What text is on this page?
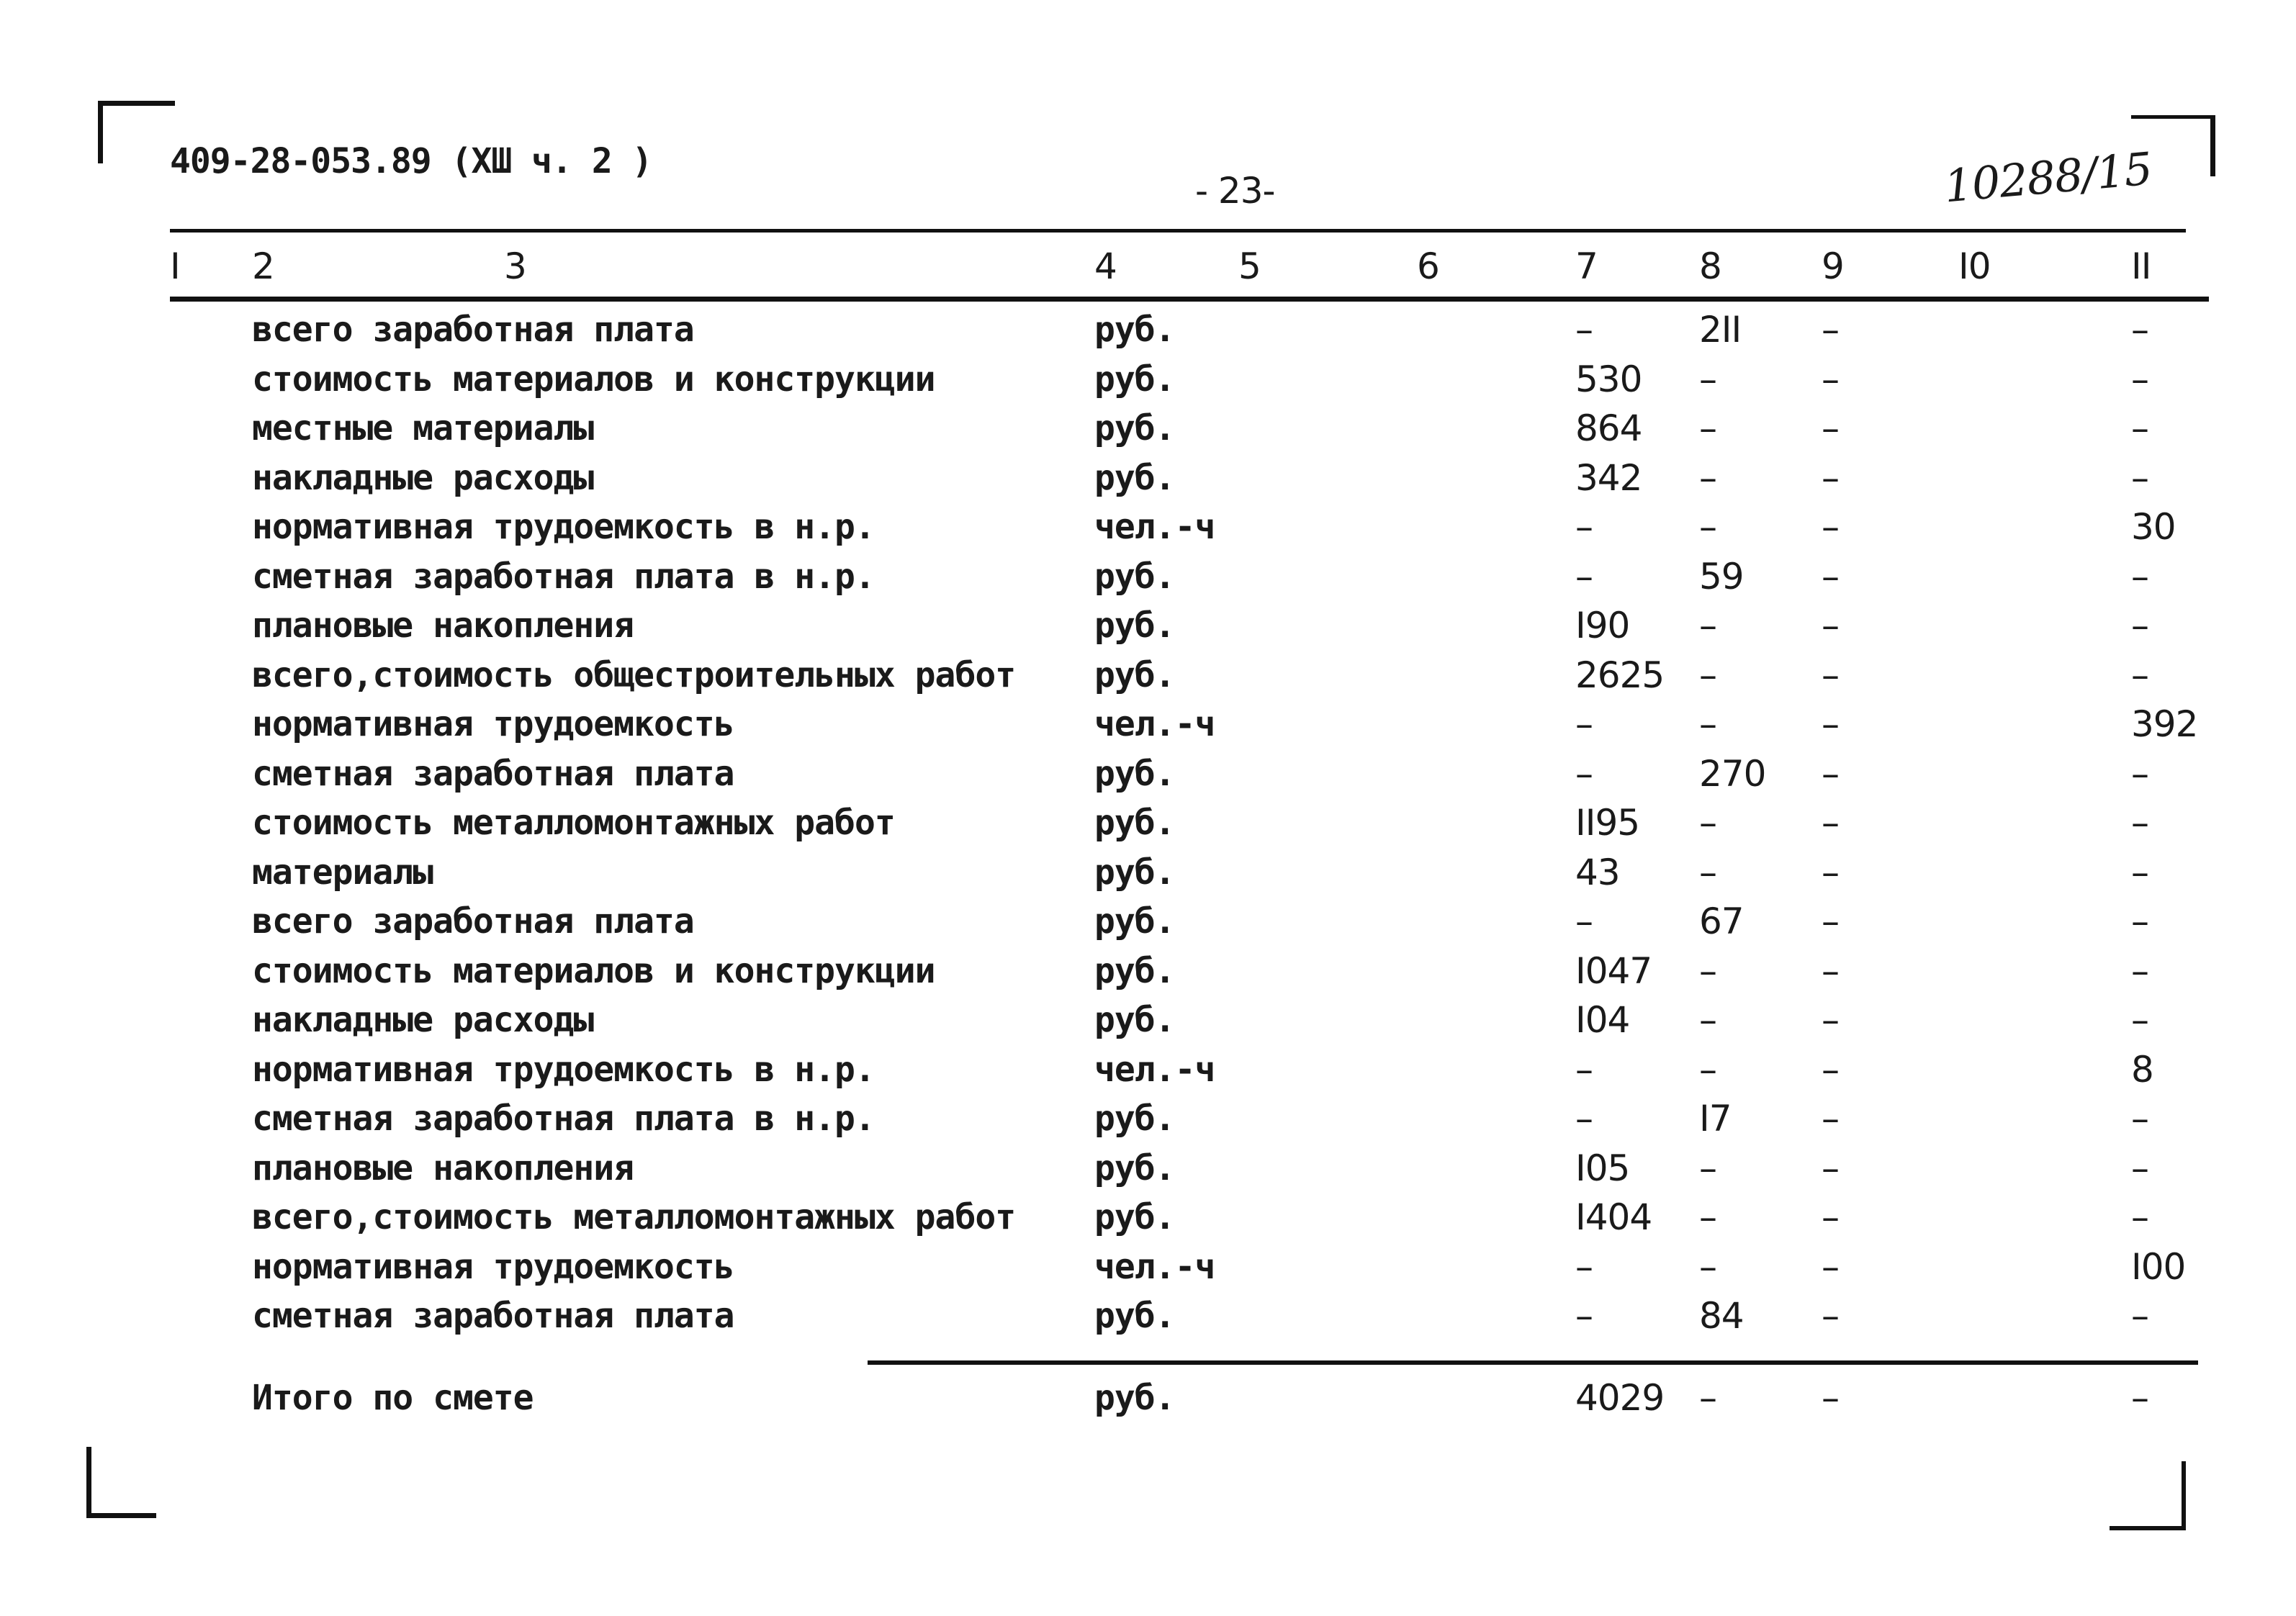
409-28-053.89 (ХШ ч. 2 )
- 23-	10288/15
I 2	3	4	5	6	7	8	9	I0	II
всего заработная плата	руб.	–	2II –	–
стоимость материалов и конструкции	руб.	530 –	–	–
местные материалы	руб.	864 –	–	–
накладные расходы	руб.	342 –	–	–
нормативная трудоемкость в н.р.	чел.-ч	–	–	–	30
сметная заработная плата в н.р.	руб.	–	59 –	–
плановые накопления	руб.	I90 –	–	–
всего,стоимость общестроительных работ руб.	2625 –	–	–
нормативная трудоемкость	чел.-ч	–	–	–	392
сметная заработная плата	руб.	–	270 –	–
стоимость металломонтажных работ	руб.	II95 –	–	–
материалы	руб.	43 –	–	–
всего заработная плата	руб.	–	67 –	–
стоимость материалов и конструкции	руб.	I047 –	–	–
накладные расходы	руб.	I04 –	–	–
нормативная трудоемкость в н.р.	чел.-ч	–	–	–	8
сметная заработная плата в н.р.	руб.	–	I7	–	–
плановые накопления	руб.	I05 –	–	–
всего,стоимость металломонтажных работ руб.	I404 –	–	–
нормативная трудоемкость	чел.-ч	–	–	–	I00
сметная заработная плата	руб.	–	84 –	–
Итого по смете	руб.	4029 –	–	–
